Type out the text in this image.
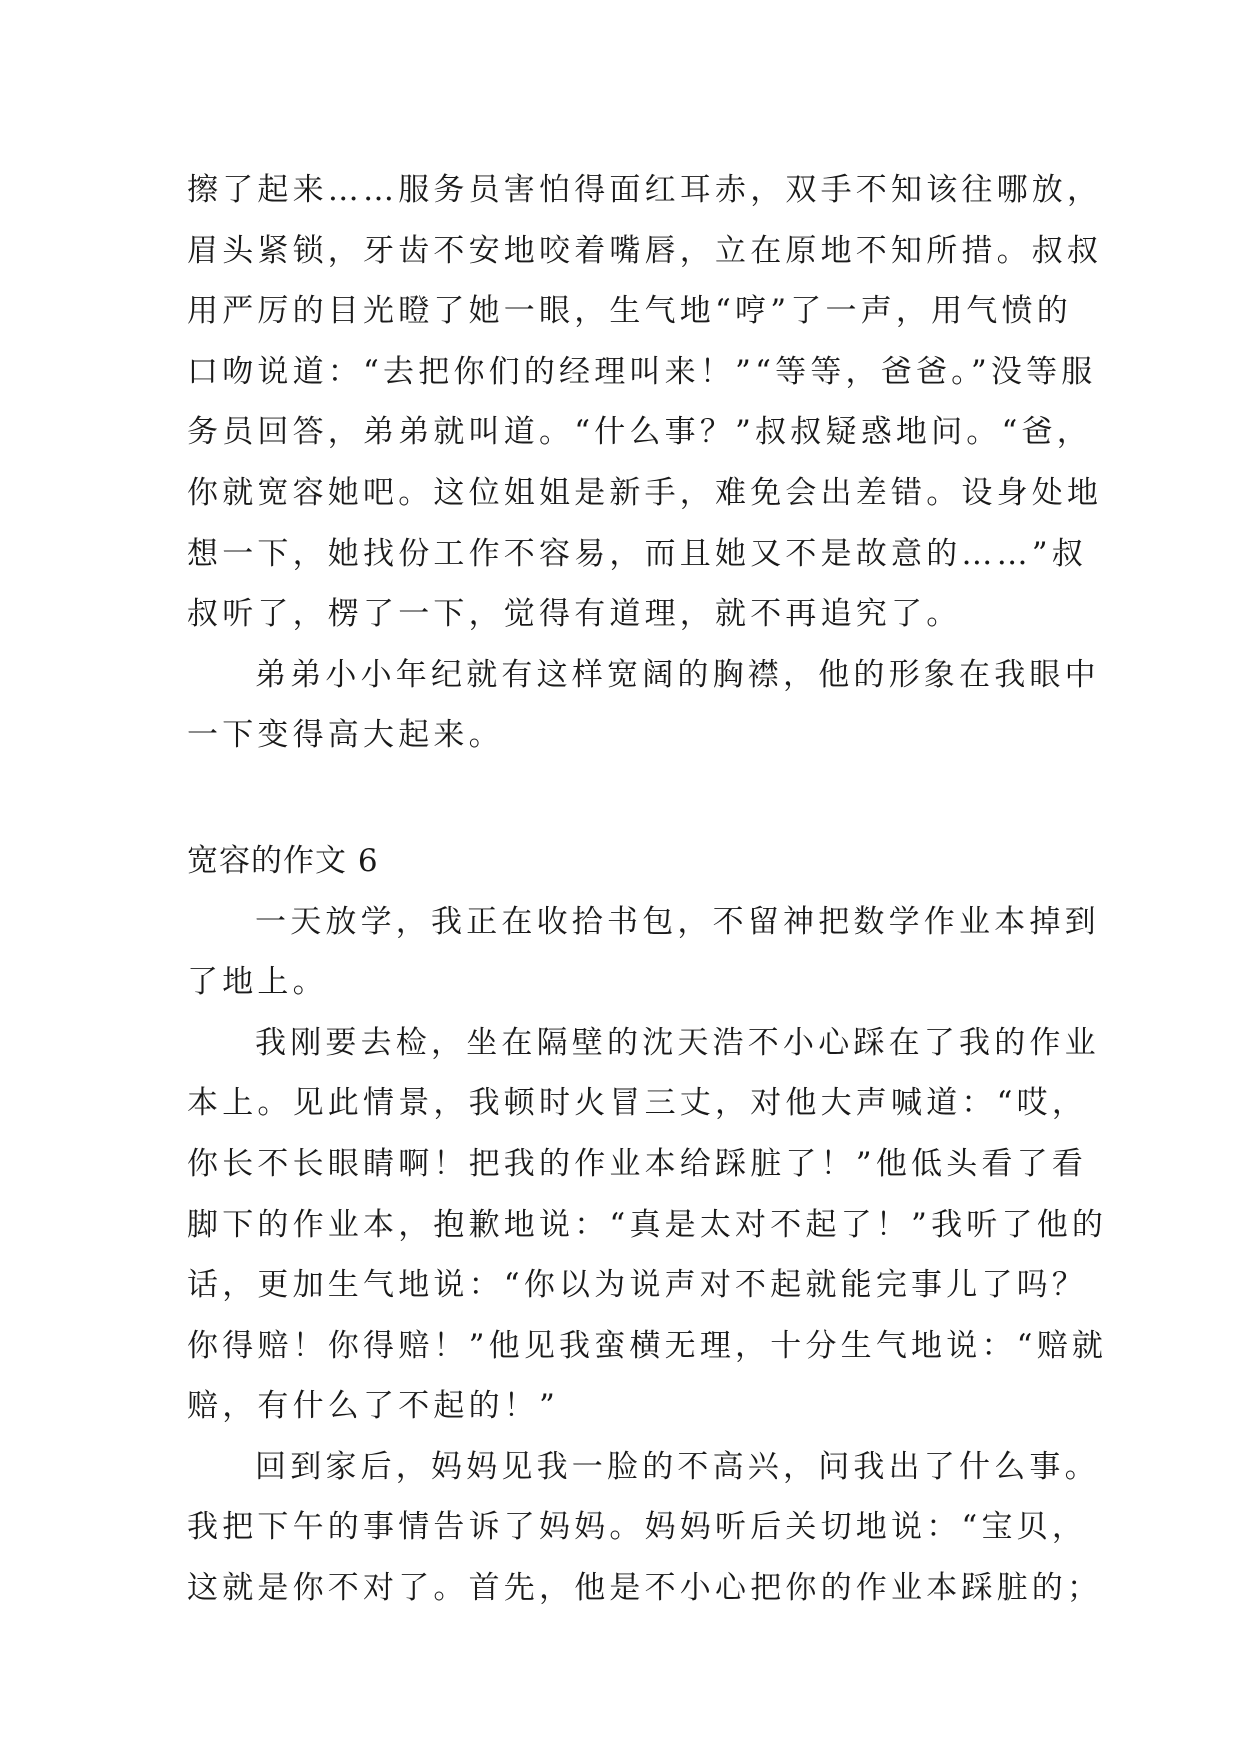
擦了起来……服务员害怕得面红耳赤，双手不知该往哪放，
眉头紧锁，牙齿不安地咬着嘴唇，立在原地不知所措。叔叔
用严厉的目光瞪了她一眼，生气地“哼”了一声，用气愤的
口吻说道：“去把你们的经理叫来！”“等等，爸爸。”没等服
务员回答，弟弟就叫道。“什么事？”叔叔疑惑地问。“爸，
你就宽容她吧。这位姐姐是新手，难免会出差错。设身处地
想一下，她找份工作不容易，而且她又不是故意的……”叔
叔听了，楞了一下，觉得有道理，就不再追究了。
弟弟小小年纪就有这样宽阔的胸襟，他的形象在我眼中
一下变得高大起来。
宽容的作文 6
一天放学，我正在收拾书包，不留神把数学作业本掉到
了地上。
我刚要去检，坐在隔壁的沈天浩不小心踩在了我的作业
本上。见此情景，我顿时火冒三丈，对他大声喊道：“哎，
你长不长眼睛啊！把我的作业本给踩脏了！”他低头看了看
脚下的作业本，抱歉地说：“真是太对不起了！”我听了他的
话，更加生气地说：“你以为说声对不起就能完事儿了吗？
你得赔！你得赔！”他见我蛮横无理，十分生气地说：“赔就
赔，有什么了不起的！”
回到家后，妈妈见我一脸的不高兴，问我出了什么事。
我把下午的事情告诉了妈妈。妈妈听后关切地说：“宝贝，
这就是你不对了。首先，他是不小心把你的作业本踩脏的；
